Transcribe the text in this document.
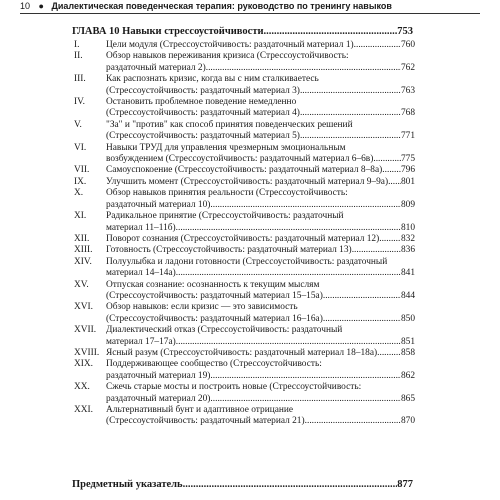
10 ● Диалектическая поведенческая терапия: руководство по тренингу навыков
ГЛАВА 10 Навыки стрессоустойчивости .....	753
I.	Цели модуля (Стрессоустойчивость: раздаточный материал 1) .....	760
II.	Обзор навыков переживания кризиса (Стрессоустойчивость:
раздаточный материал 2) .....	762
III.	Как распознать кризис, когда вы с ним сталкиваетесь
(Стрессоустойчивость: раздаточный материал 3) .....	763
IV.	Остановить проблемное поведение немедленно
(Стрессоустойчивость: раздаточный материал 4) .....	768
V.	"За" и "против" как способ принятия поведенческих решений
(Стрессоустойчивость: раздаточный материал 5) .....	771
VI.	Навыки ТРУД для управления чрезмерным эмоциональным
возбуждением (Стрессоустойчивость: раздаточный материал 6–6в) .....	775
VII.	Самоуспокоение (Стрессоустойчивость: раздаточный материал 8–8а) ..... 796
IX.	Улучшить момент (Стрессоустойчивость: раздаточный материал 9–9а) ..... 801
X.	Обзор навыков принятия реальности (Стрессоустойчивость:
раздаточный материал 10) .....	809
XI.	Радикальное принятие (Стрессоустойчивость: раздаточный
материал 11–11б) .....	810
XII.	Поворот сознания (Стрессоустойчивость: раздаточный материал 12) ..... 832
XIII.	Готовность (Стрессоустойчивость: раздаточный материал 13) .....	836
XIV.	Полуулыбка и ладони готовности (Стрессоустойчивость: раздаточный
материал 14–14а) .....	841
XV.	Отпуская сознание: осознанность к текущим мыслям
(Стрессоустойчивость: раздаточный материал 15–15а) .....	844
XVI.	Обзор навыков: если кризис — это зависимость
(Стрессоустойчивость: раздаточный материал 16–16а) .....	850
XVII.	Диалектический отказ (Стрессоустойчивость: раздаточный
материал 17–17а) .....	851
XVIII. Ясный разум (Стрессоустойчивость: раздаточный материал 18–18а) .....	858
XIX.	Поддерживающее сообщество (Стрессоустойчивость:
раздаточный материал 19) .....	862
XX.	Сжечь старые мосты и построить новые (Стрессоустойчивость:
раздаточный материал 20) .....	865
XXI.	Альтернативный бунт и адаптивное отрицание
(Стрессоустойчивость: раздаточный материал 21) .....	870
Предметный указатель .....	877
